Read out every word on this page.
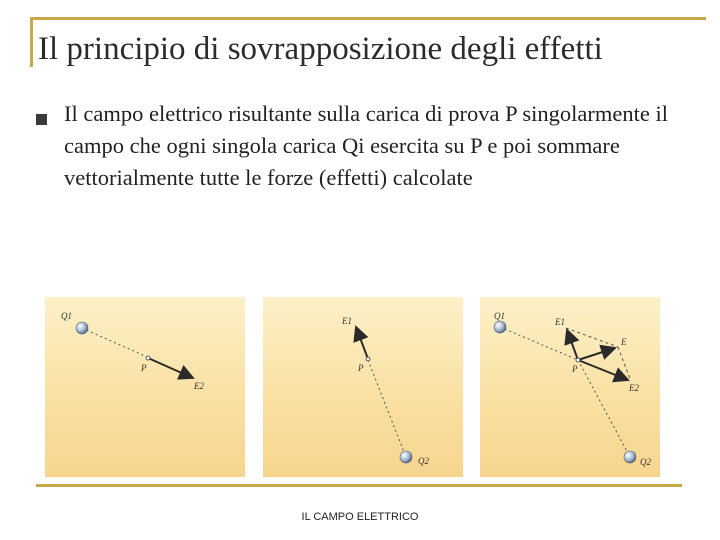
Il principio di sovrapposizione degli effetti
Il campo elettrico risultante sulla carica di prova P singolarmente il campo che ogni singola carica Qi esercita su P e poi sommare vettorialmente tutte le forze (effetti) calcolate
Q1
P
E2
E1
P
Q2
Q1
E1
E
P
E2
Q2
IL CAMPO ELETTRICO
